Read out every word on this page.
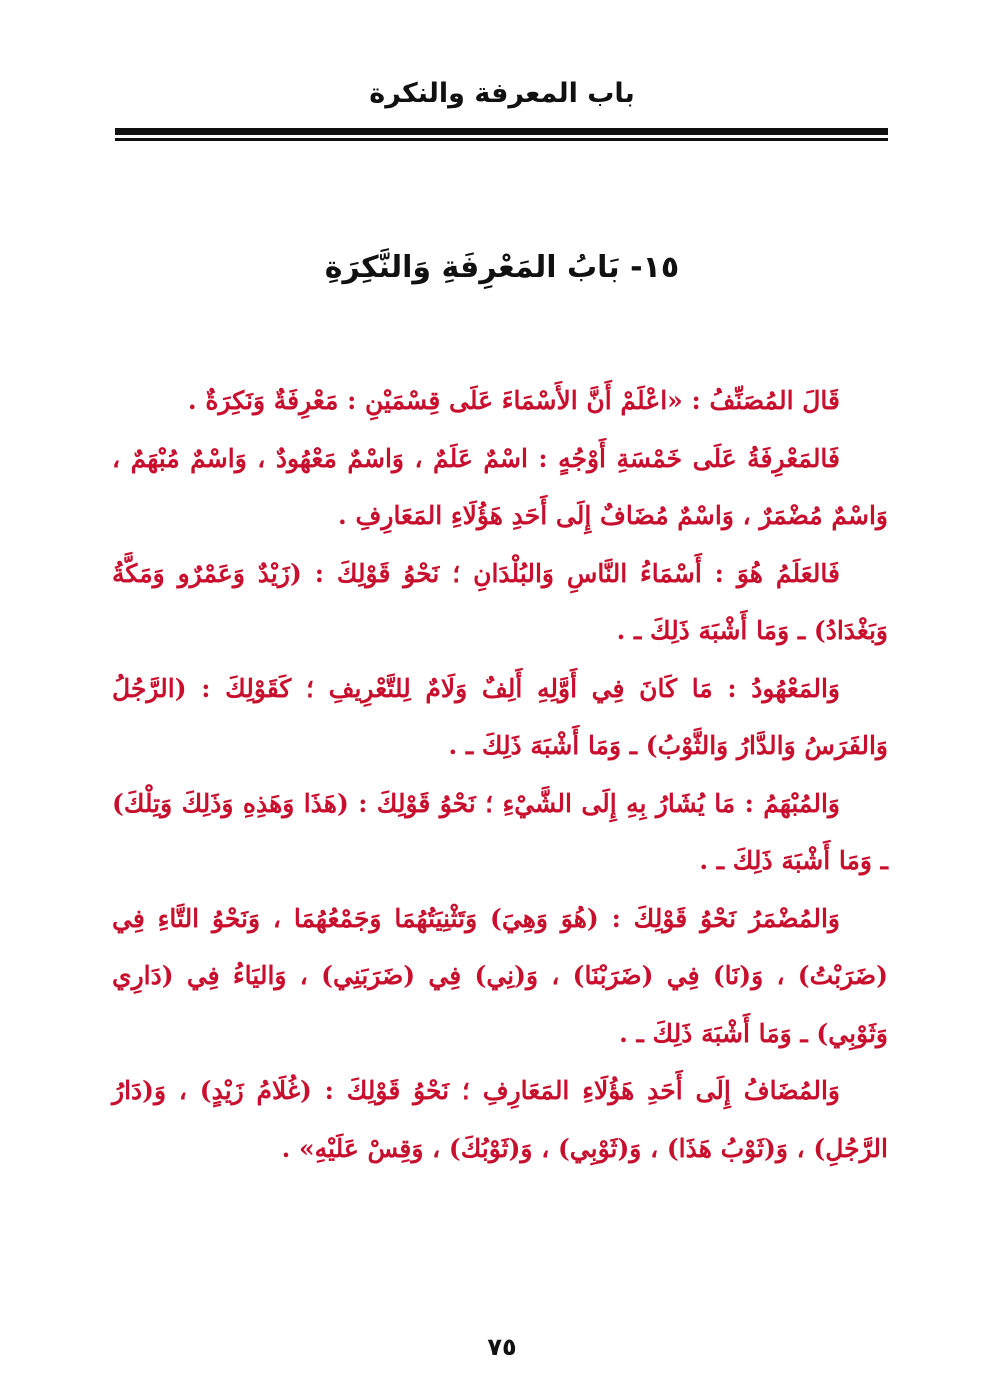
باب المعرفة والنكرة
١٥- بَابُ المَعْرِفَةِ وَالنَّكِرَةِ

قَالَ المُصَنِّفُ : «اعْلَمْ أَنَّ الأَسْمَاءَ عَلَى قِسْمَيْنِ : مَعْرِفَةٌ وَنَكِرَةٌ .

فَالمَعْرِفَةُ عَلَى خَمْسَةِ أَوْجُهٍ : اسْمٌ عَلَمٌ ، وَاسْمٌ مَعْهُودٌ ، وَاسْمٌ مُبْهَمٌ ، وَاسْمٌ مُضْمَرٌ ، وَاسْمٌ مُضَافٌ إِلَى أَحَدِ هَؤُلَاءِ المَعَارِفِ .

فَالعَلَمُ هُوَ : أَسْمَاءُ النَّاسِ وَالبُلْدَانِ ؛ نَحْوُ قَوْلِكَ : (زَيْدٌ وَعَمْرٌو وَمَكَّةُ وَبَغْدَادُ) ـ وَمَا أَشْبَهَ ذَلِكَ ـ .

وَالمَعْهُودُ : مَا كَانَ فِي أَوَّلِهِ أَلِفٌ وَلَامٌ لِلتَّعْرِيفِ ؛ كَقَوْلِكَ : (الرَّجُلُ وَالفَرَسُ وَالدَّارُ وَالثَّوْبُ) ـ وَمَا أَشْبَهَ ذَلِكَ ـ .

وَالمُبْهَمُ : مَا يُشَارُ بِهِ إِلَى الشَّيْءِ ؛ نَحْوُ قَوْلِكَ : (هَذَا وَهَذِهِ وَذَلِكَ وَتِلْكَ) ـ وَمَا أَشْبَهَ ذَلِكَ ـ .

وَالمُضْمَرُ نَحْوُ قَوْلِكَ : (هُوَ وَهِيَ) وَتَثْنِيَتُهُمَا وَجَمْعُهُمَا ، وَنَحْوُ التَّاءِ فِي (ضَرَبْتُ) ، وَ(نَا) فِي (ضَرَبْنَا) ، وَ(نِي) فِي (ضَرَبَنِي) ، وَاليَاءُ فِي (دَارِي وَثَوْبِي) ـ وَمَا أَشْبَهَ ذَلِكَ ـ .

وَالمُضَافُ إِلَى أَحَدِ هَؤُلَاءِ المَعَارِفِ ؛ نَحْوُ قَوْلِكَ : (غُلَامُ زَيْدٍ) ، وَ(دَارُ الرَّجُلِ) ، وَ(ثَوْبُ هَذَا) ، وَ(ثَوْبِي) ، وَ(ثَوْبُكَ) ، وَقِسْ عَلَيْهِ» .

٧٥
